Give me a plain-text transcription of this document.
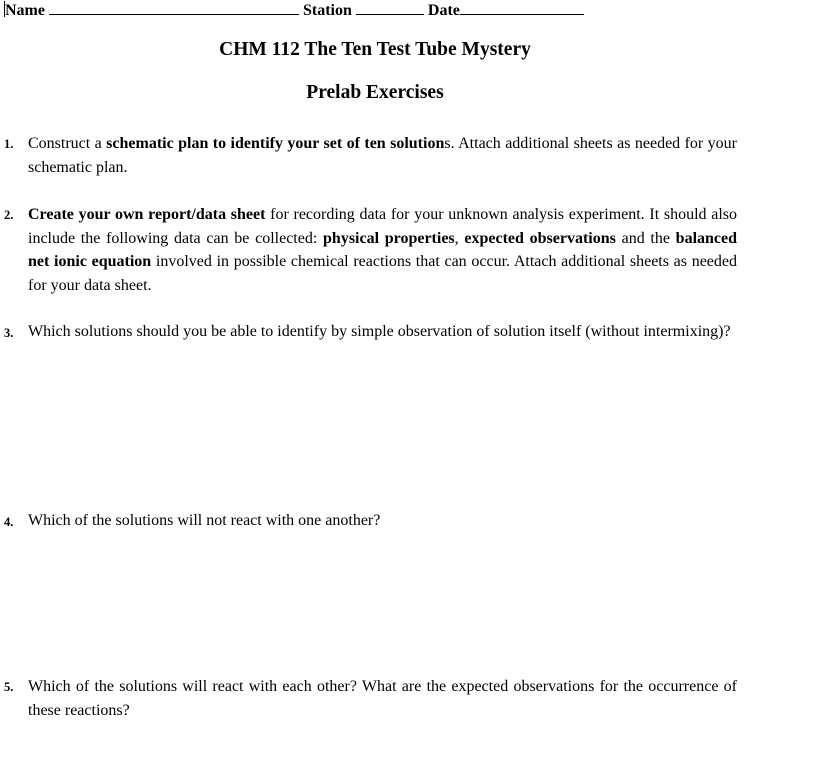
Name	Station	Date
CHM 112 The Ten Test Tube Mystery
Prelab Exercises
1. Construct a schematic plan to identify your set of ten solutions. Attach additional sheets as needed for your schematic plan.
2. Create your own report/data sheet for recording data for your unknown analysis experiment. It should also include the following data can be collected: physical properties, expected observations and the balanced net ionic equation involved in possible chemical reactions that can occur. Attach additional sheets as needed for your data sheet.
3. Which solutions should you be able to identify by simple observation of solution itself (without intermixing)?
4. Which of the solutions will not react with one another?
5. Which of the solutions will react with each other? What are the expected observations for the occurrence of these reactions?
